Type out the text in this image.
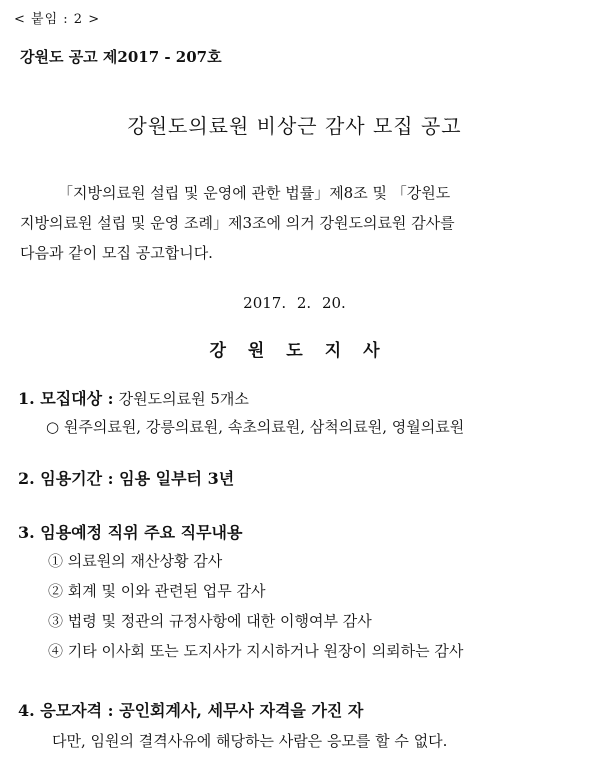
< 붙임 : 2 >
강원도 공고 제2017 - 207호
강원도의료원 비상근 감사 모집 공고
「지방의료원 설립 및 운영에 관한 법률」제8조 및 「강원도
지방의료원 설립 및 운영 조례」제3조에 의거 강원도의료원 감사를
다음과 같이 모집 공고합니다.
2017. 2. 20.
강원도지사
1. 모집대상 : 강원도의료원 5개소
○ 원주의료원, 강릉의료원, 속초의료원, 삼척의료원, 영월의료원
2. 임용기간 : 임용 일부터 3년
3. 임용예정 직위 주요 직무내용
① 의료원의 재산상황 감사
② 회계 및 이와 관련된 업무 감사
③ 법령 및 정관의 규정사항에 대한 이행여부 감사
④ 기타 이사회 또는 도지사가 지시하거나 원장이 의뢰하는 감사
4. 응모자격 : 공인회계사, 세무사 자격을 가진 자
다만, 임원의 결격사유에 해당하는 사람은 응모를 할 수 없다.
